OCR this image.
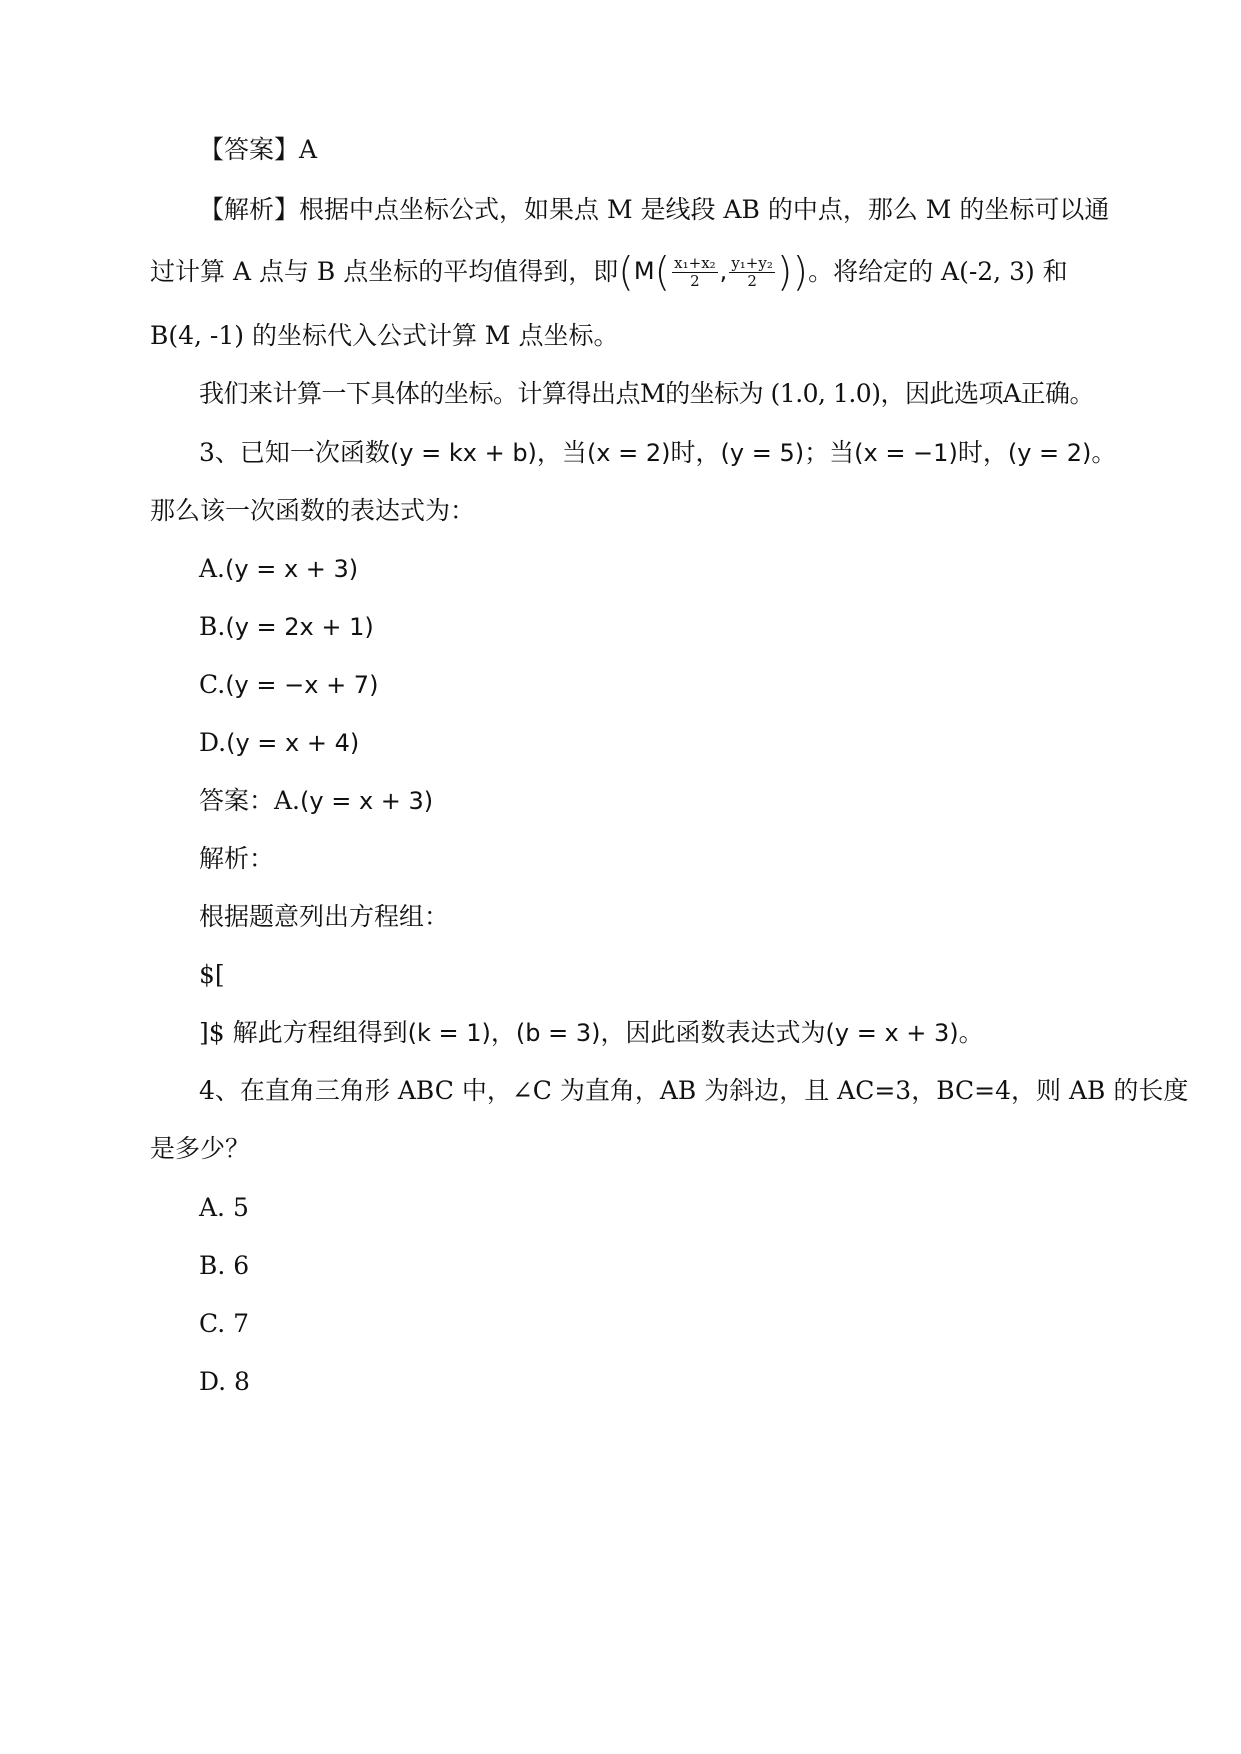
【答案】A
【解析】根据中点坐标公式，如果点 M 是线段 AB 的中点，那么 M 的坐标可以通
过计算 A 点与 B 点坐标的平均值得到，即($M( \frac{\text{x₁+x₂}}{2}$ , $\frac{\text{y₁+y₂}}{2}$ ))。将给定的 A(-2, 3) 和
B(4, -1) 的坐标代入公式计算 M 点坐标。
我们来计算一下具体的坐标。计算得出点M的坐标为 (1.0, 1.0)，因此选项A正确。
3、已知一次函数(y = kx + b)，当(x = 2)时，(y = 5)；当(x = −1)时，(y = 2)。
那么该一次函数的表达式为：
A.(y = x + 3)
B.(y = 2x + 1)
C.(y = −x + 7)
D.(y = x + 4)
答案：A.(y = x + 3)
解析：
根据题意列出方程组：
$[
]$ 解此方程组得到(k = 1)，(b = 3)，因此函数表达式为(y = x + 3)。
4、在直角三角形 ABC 中，∠C 为直角，AB 为斜边，且 AC=3，BC=4，则 AB 的长度
是多少？
A. 5
B. 6
C. 7
D. 8
